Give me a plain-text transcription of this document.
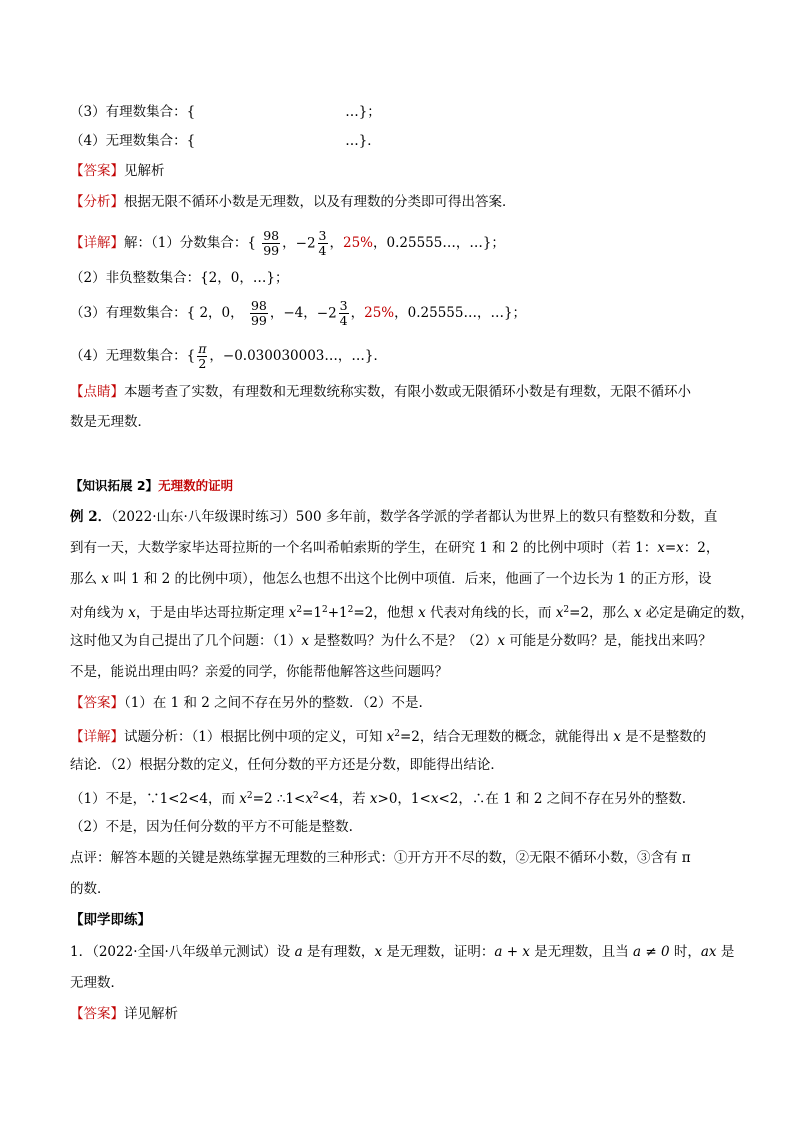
（3）有理数集合：{	…}；
（4）无理数集合：{	…}．
【答案】见解析
【分析】根据无限不循环小数是无理数，以及有理数的分类即可得出答案．
【详解】解：（1）分数集合：{ $\frac{98}{99}$ ，$-2 \frac{3}{4}$ ，25%，0.25555…，…}；
（2）非负整数集合：{2，0，…}；
（3）有理数集合：{ 2，0， $\frac{98}{99}$ ，−4，$-2 \frac{3}{4}$ ，25%，0.25555…，…}；
（4）无理数集合：{ $\frac{\pi}{2}$ ，−0.030030003…，…}．
【点睛】本题考查了实数，有理数和无理数统称实数，有限小数或无限循环小数是有理数，无限不循环小
数是无理数．
【知识拓展 2】无理数的证明
例 2．（2022·山东·八年级课时练习）500 多年前，数学各学派的学者都认为世界上的数只有整数和分数，直
到有一天，大数学家毕达哥拉斯的一个名叫希帕索斯的学生，在研究 1 和 2 的比例中项时（若 1：x=x：2，
那么 x 叫 1 和 2 的比例中项），他怎么也想不出这个比例中项值．后来，他画了一个边长为 1 的正方形，设
对角线为 x，于是由毕达哥拉斯定理 $x^2=1^2+1^2=2$，他想 x 代表对角线的长，而 $x^2=2$，那么 x 必定是确定的数，
这时他又为自己提出了几个问题：（1）x 是整数吗？为什么不是？（2）x 可能是分数吗？是，能找出来吗？
不是，能说出理由吗？亲爱的同学，你能帮他解答这些问题吗？
【答案】（1）在 1 和 2 之间不存在另外的整数．（2）不是.
【详解】试题分析：（1）根据比例中项的定义，可知 $x^2=2$，结合无理数的概念，就能得出 x 是不是整数的
结论．（2）根据分数的定义，任何分数的平方还是分数，即能得出结论．
（1）不是，∵1<2<4，而 $x^2=2$ $\therefore 1<x^2<4$，若 x>0，1<x<2，∴在 1 和 2 之间不存在另外的整数.
（2）不是，因为任何分数的平方不可能是整数.
点评：解答本题的关键是熟练掌握无理数的三种形式：①开方开不尽的数，②无限不循环小数，③含有 π
的数．
【即学即练】
1．（2022·全国·八年级单元测试）设 a 是有理数，x 是无理数，证明：a + x 是无理数，且当 a ≠ 0 时，ax 是
无理数．
【答案】详见解析
